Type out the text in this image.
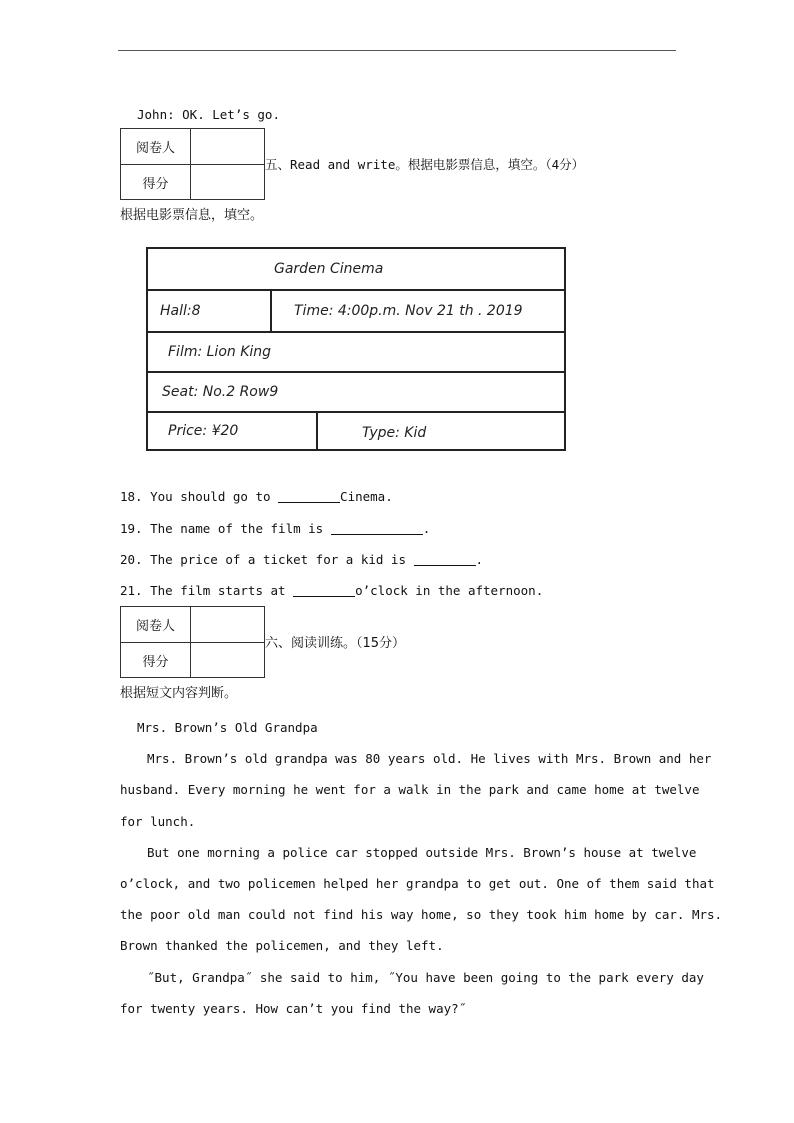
John: OK. Let’s go.
阅卷人
得分
五、Read and write。根据电影票信息，填空。（4分）
根据电影票信息，填空。
Garden Cinema
Hall:8	Time: 4:00p.m. Nov 21 th . 2019
Film: Lion King
Seat: No.2 Row9
Price: ¥20	Type: Kid
18. You should go to	Cinema.
19. The name of the film is	.
20. The price of a ticket for a kid is	.
21. The film starts at	o’clock in the afternoon.
阅卷人
得分
六、阅读训练。（15分）
根据短文内容判断。
Mrs. Brown’s Old Grandpa
Mrs. Brown’s old grandpa was 80 years old. He lives with Mrs. Brown and her
husband. Every morning he went for a walk in the park and came home at twelve
for lunch.
But one morning a police car stopped outside Mrs. Brown’s house at twelve
o’clock, and two policemen helped her grandpa to get out. One of them said that
the poor old man could not find his way home, so they took him home by car. Mrs.
Brown thanked the policemen, and they left.
˝But, Grandpa˝ she said to him, ˝You have been going to the park every day
for twenty years. How can’t you find the way?˝
